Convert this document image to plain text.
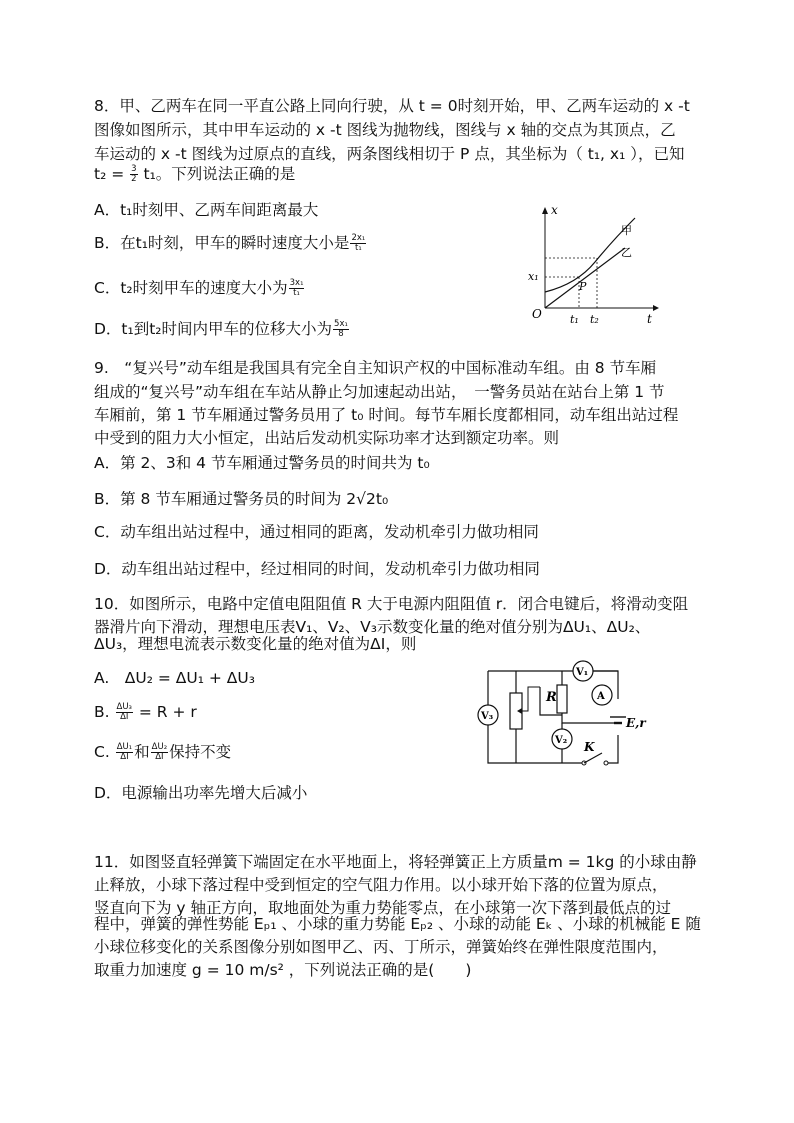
8．甲、乙两车在同一平直公路上同向行驶，从 t = 0时刻开始，甲、乙两车运动的 x -t
图像如图所示，其中甲车运动的 x -t 图线为抛物线，图线与 x 轴的交点为其顶点，乙
车运动的 x -t 图线为过原点的直线，两条图线相切于 P 点，其坐标为（ t₁, x₁ ），已知
$t_2 = \frac{3}{2} t_1$。下列说法正确的是
A．t₁时刻甲、乙两车间距离最大
B．在t₁时刻，甲车的瞬时速度大小是 $\frac{\text{2x₁}}{\text{t₁}}$
C．t₂时刻甲车的速度大小为 $\frac{\text{3x₁}}{\text{t₁}}$
D．t₁到t₂时间内甲车的位移大小为 $\frac{\text{5x₁}}{8}$
x
t
O
x₁
t₁ t₂
甲
乙
P
9.　“复兴号”动车组是我国具有完全自主知识产权的中国标准动车组。由 8 节车厢
组成的“复兴号”动车组在车站从静止匀加速起动出站，　一警务员站在站台上第 1 节
车厢前，第 1 节车厢通过警务员用了 t₀ 时间。每节车厢长度都相同，动车组出站过程
中受到的阻力大小恒定，出站后发动机实际功率才达到额定功率。则
A．第 2、3和 4 节车厢通过警务员的时间共为 t₀
B．第 8 节车厢通过警务员的时间为 2√2t₀
C．动车组出站过程中，通过相同的距离，发动机牵引力做功相同
D．动车组出站过程中，经过相同的时间，发动机牵引力做功相同
10．如图所示，电路中定值电阻阻值 R 大于电源内阻阻值 r．闭合电键后，将滑动变阻
器滑片向下滑动，理想电压表V₁、V₂、V₃示数变化量的绝对值分别为ΔU₁、ΔU₂、
ΔU₃，理想电流表示数变化量的绝对值为ΔI，则
A.　ΔU₂ = ΔU₁ + ΔU₃
B. $\frac{\text{ΔU₃}}{\Delta I} = R + r$
C. $\frac{\text{ΔU₁}}{\Delta I}$ 和 $\frac{\text{ΔU₂}}{\Delta I}$ 保持不变
D．电源输出功率先增大后减小
R
V₃
V₁
A
V₂
E,r
K
11．如图竖直轻弹簧下端固定在水平地面上，将轻弹簧正上方质量m = 1kg 的小球由静
止释放，小球下落过程中受到恒定的空气阻力作用。以小球开始下落的位置为原点，
竖直向下为 y 轴正方向，取地面处为重力势能零点，在小球第一次下落到最低点的过
程中，弹簧的弹性势能 Eₚ₁ 、小球的重力势能 Eₚ₂ 、小球的动能 Eₖ 、小球的机械能 E 随
小球位移变化的关系图像分别如图甲乙、丙、丁所示，弹簧始终在弹性限度范围内，
取重力加速度 g = 10 m/s² ，下列说法正确的是(　　)
